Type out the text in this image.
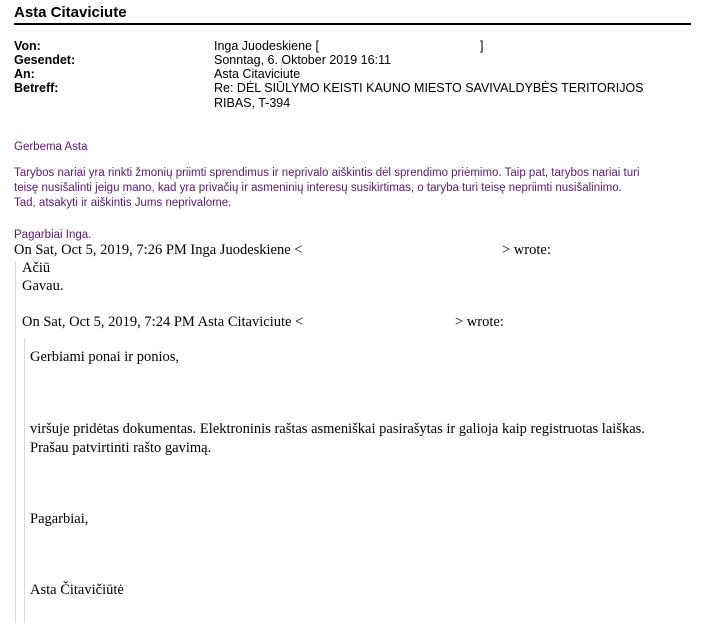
Asta Citaviciute
Von:	Inga Juodeskiene [	]
Gesendet:	Sonntag, 6. Oktober 2019 16:11
An:	Asta Citaviciute
Betreff:	Re: DĖL SIŪLYMO KEISTI KAUNO MIESTO SAVIVALDYBĖS TERITORIJOS
RIBAS, T-394
Gerbema Asta
Tarybos nariai yra rinkti žmonių priimti sprendimus ir neprivalo aiškintis dėl sprendimo priėmimo. Taip pat, tarybos nariai turi
teisę nusišalinti jeigu mano, kad yra privačių ir asmeninių interesų susikirtimas, o taryba turi teisę nepriimti nusišalinimo.
Tad, atsakyti ir aiškintis Jums neprivalome.
Pagarbiai Inga.
On Sat, Oct 5, 2019, 7:26 PM Inga Juodeskiene <	> wrote:
Ačiū
Gavau.
On Sat, Oct 5, 2019, 7:24 PM Asta Citaviciute <	> wrote:
Gerbiami ponai ir ponios,
viršuje pridėtas dokumentas. Elektroninis raštas asmeniškai pasirašytas ir galioja kaip registruotas laiškas.
Prašau patvirtinti rašto gavimą.
Pagarbiai,
Asta Čitavičiūtė
